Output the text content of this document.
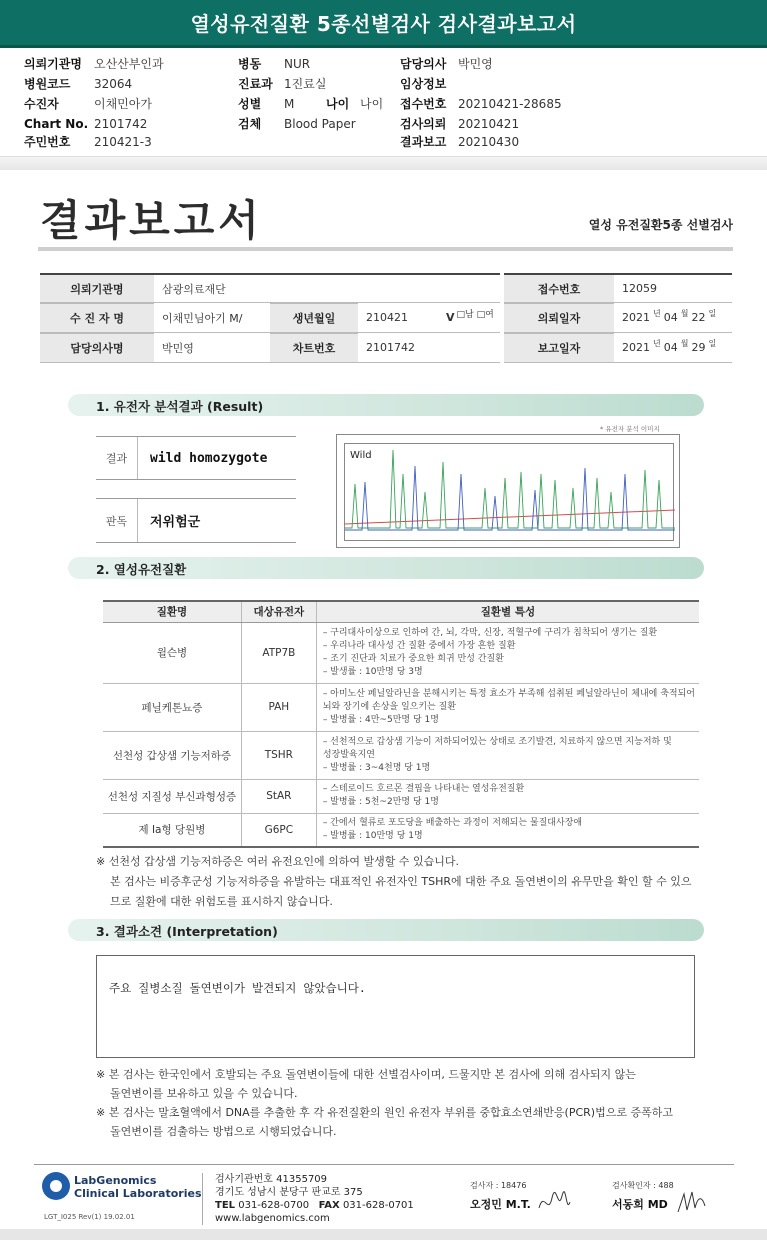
열성유전질환 5종선별검사 검사결과보고서
의뢰기관명 오산산부인과
병원코드 32064
수진자	이채민아가
Chart No. 2101742
주민번호 210421-3
병동 NUR
진료과 1진료실
성별 M	나이 나이
검체 Blood Paper
담당의사 박민영
임상정보
접수번호 20210421-28685
검사의뢰 20210421
결과보고 20210430
결과보고서	열성 유전질환5종 선별검사
의뢰기관명	삼광의료재단	접수번호	12059
수 진 자 명	이채민님아기 M/	생년월일	210421	V □남 □여	의뢰일자	2021 년 04 월 22 일
담당의사명	박민영	차트번호	2101742	보고일자	2021 년 04 월 29 일
1. 유전자 분석결과 (Result)
결과	wild homozygote
판독	저위험군
* 유전자 분석 이미지
Wild
2. 열성유전질환
질환명	대상유전자	질환별 특성
윌슨병	ATP7B	– 구리대사이상으로 인하여 간, 뇌, 각막, 신장, 적혈구에 구리가 침착되어 생기는 질환
– 우리나라 대사성 간 질환 중에서 가장 흔한 질환
– 조기 진단과 치료가 중요한 희귀 만성 간질환
– 발생률 : 10만명 당 3명

페닐케톤뇨증	PAH	– 아미노산 페닐알라닌을 분해시키는 특정 효소가 부족해 섭취된 페닐알라닌이 체내에 축적되어
뇌와 장기에 손상을 일으키는 질환
– 발병률 : 4만~5만명 당 1명

선천성 갑상샘 기능저하증	TSHR	– 선천적으로 갑상샘 기능이 저하되어있는 상태로 조기발견, 치료하지 않으면 지능저하 및
성장발육지연
– 발병률 : 3~4천명 당 1명

선천성 지질성 부신과형성증	StAR	– 스테로이드 호르몬 결핍을 나타내는 열성유전질환
– 발병률 : 5천~2만명 당 1명

제 Ia형 당원병	G6PC	– 간에서 혈류로 포도당을 배출하는 과정이 저해되는 물질대사장애
– 발병률 : 10만명 당 1명
※ 선천성 갑상샘 기능저하증은 여러 유전요인에 의하여 발생할 수 있습니다.
본 검사는 비증후군성 기능저하증을 유발하는 대표적인 유전자인 TSHR에 대한 주요 돌연변이의 유무만을 확인 할 수 있으
므로 질환에 대한 위험도를 표시하지 않습니다.
3. 결과소견 (Interpretation)
주요 질병소질 돌연변이가 발견되지 않았습니다.
※ 본 검사는 한국인에서 호발되는 주요 돌연변이들에 대한 선별검사이며, 드물지만 본 검사에 의해 검사되지 않는
돌연변이를 보유하고 있을 수 있습니다.
※ 본 검사는 말초혈액에서 DNA를 추출한 후 각 유전질환의 원인 유전자 부위를 중합효소연쇄반응(PCR)법으로 증폭하고
돌연변이를 검출하는 방법으로 시행되었습니다.
LabGenomics
Clinical Laboratories
LGT_I025 Rev(1) 19.02.01
검사기관번호 41355709
경기도 성남시 분당구 판교로 375
TEL 031-628-0700 FAX 031-628-0701
www.labgenomics.com
검사자 : 18476
오정민 M.T.
검사확인자 : 488
서동희 MD
